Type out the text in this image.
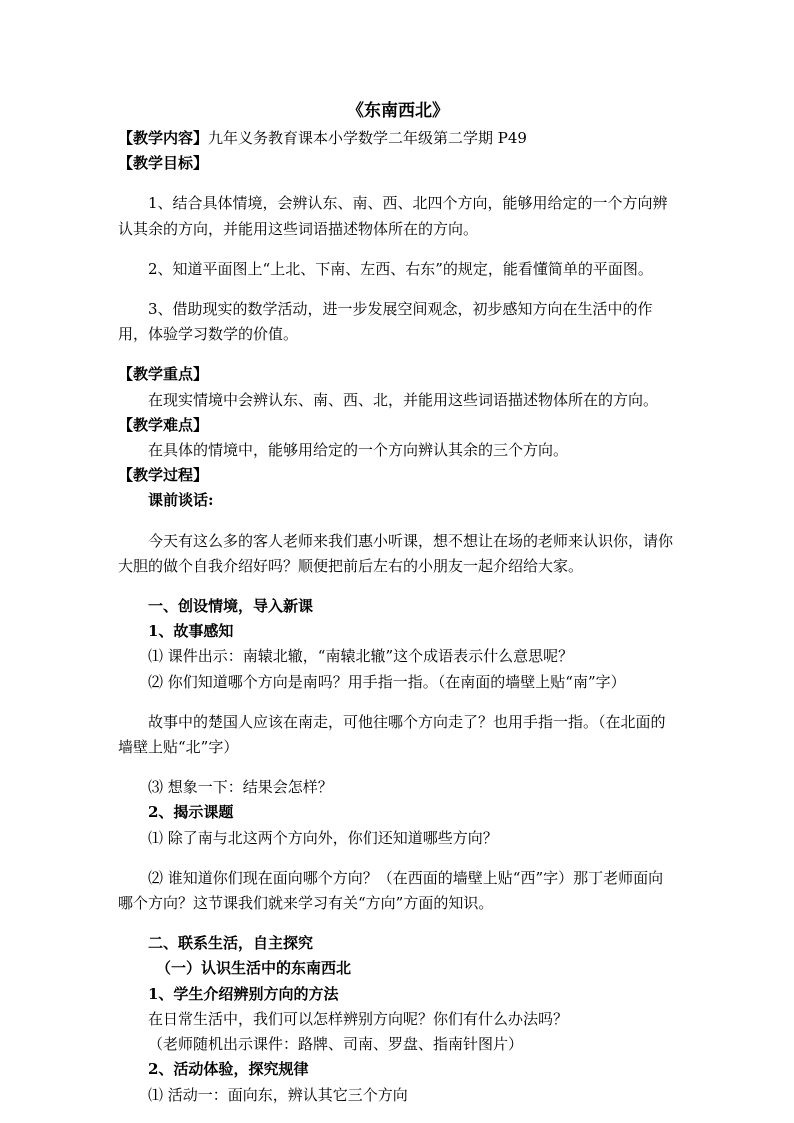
《东南西北》

【教学内容】九年义务教育课本小学数学二年级第二学期 P49

【教学目标】

1、结合具体情境，会辨认东、南、西、北四个方向，能够用给定的一个方向辨认其余的方向，并能用这些词语描述物体所在的方向。

2、知道平面图上“上北、下南、左西、右东”的规定，能看懂简单的平面图。

3、借助现实的数学活动，进一步发展空间观念，初步感知方向在生活中的作用，体验学习数学的价值。

【教学重点】

在现实情境中会辨认东、南、西、北，并能用这些词语描述物体所在的方向。

【教学难点】

在具体的情境中，能够用给定的一个方向辨认其余的三个方向。

【教学过程】

课前谈话:

今天有这么多的客人老师来我们惠小听课，想不想让在场的老师来认识你，请你大胆的做个自我介绍好吗？顺便把前后左右的小朋友一起介绍给大家。

一、创设情境，导入新课

1、故事感知

⑴ 课件出示：南辕北辙，“南辕北辙”这个成语表示什么意思呢？

⑵ 你们知道哪个方向是南吗？用手指一指。（在南面的墙壁上贴“南”字）

故事中的楚国人应该在南走，可他往哪个方向走了？也用手指一指。（在北面的墙壁上贴“北”字）

⑶ 想象一下：结果会怎样？

2、揭示课题

⑴ 除了南与北这两个方向外，你们还知道哪些方向？

⑵ 谁知道你们现在面向哪个方向？（在西面的墙壁上贴“西”字）那丁老师面向哪个方向？这节课我们就来学习有关“方向”方面的知识。

二、联系生活，自主探究

（一）认识生活中的东南西北

1、学生介绍辨别方向的方法

在日常生活中，我们可以怎样辨别方向呢？你们有什么办法吗？

（老师随机出示课件：路牌、司南、罗盘、指南针图片）

2、活动体验，探究规律

⑴ 活动一：面向东，辨认其它三个方向
